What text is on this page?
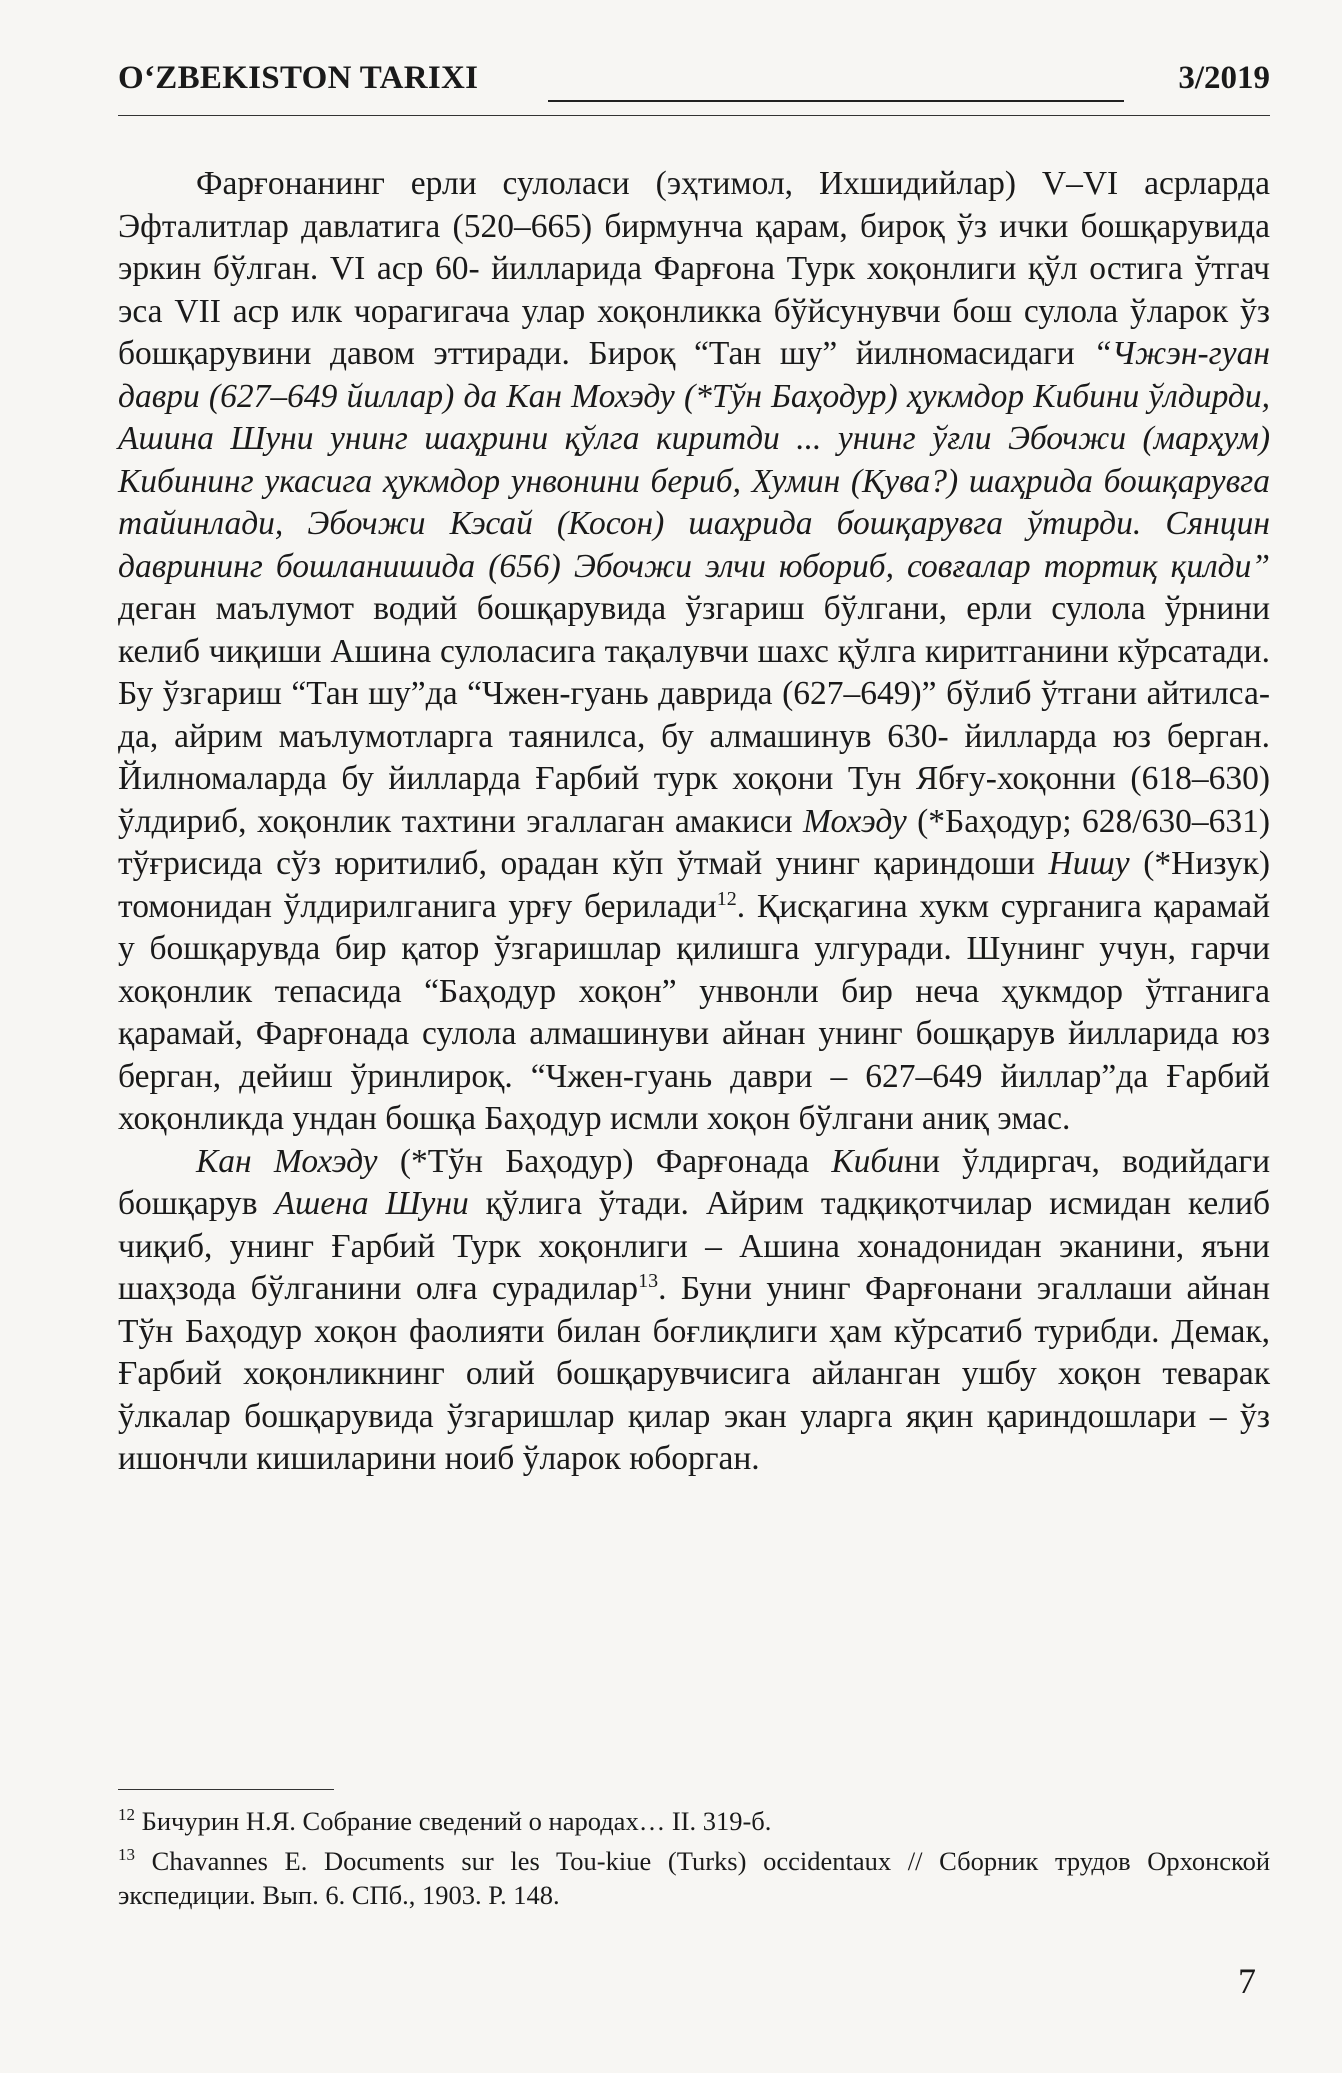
O‘ZBEKISTON TARIXI	3/2019

Фарғонанинг ерли сулоласи (эҳтимол, Ихшидийлар) V–VI асрларда Эфталитлар давлатига (520–665) бирмунча қарам, бироқ ўз ички бошқарувида эркин бўлган. VI аср 60- йилларида Фарғона Турк хоқонлиги қўл остига ўтгач эса VII аср илк чорагигача улар хоқонликка бўйсунувчи бош сулола ўларок ўз бошқарувини давом эттиради. Бироқ “Тан шу” йилномасидаги “Чжэн-гуан даври (627–649 йиллар) да Кан Мохэду (*Тўн Баҳодур) ҳукмдор Кибини ўлдирди, Ашина Шуни унинг шаҳрини қўлга киритди ... унинг ўғли Эбочжи (марҳум) Кибининг укасига ҳукмдор унвонини бериб, Хумин (Қува?) шаҳрида бошқарувга тайинлади, Эбочжи Кэсай (Косон) шаҳрида бошқарувга ўтирди. Сянцин даврининг бошланишида (656) Эбочжи элчи юбориб, совғалар тортиқ қилди” деган маълумот водий бошқарувида ўзгариш бўлгани, ерли сулола ўрнини келиб чиқиши Ашина сулоласига тақалувчи шахс қўлга киритганини кўрсатади. Бу ўзгариш “Тан шу”да “Чжен-гуань даврида (627–649)” бўлиб ўтгани айтилса-да, айрим маълумотларга таянилса, бу алмашинув 630- йилларда юз берган. Йилномаларда бу йилларда Ғарбий турк хоқони Тун Ябғу-хоқонни (618–630) ўлдириб, хоқонлик тахтини эгаллаган амакиси Мохэду (*Баҳодур; 628/630–631) тўғрисида сўз юритилиб, орадан кўп ўтмай унинг қариндоши Нишу (*Низук) томонидан ўлдирилганига урғу берилади$^{12}$. Қисқагина хукм сурганига қарамай у бошқарувда бир қатор ўзгаришлар қилишга улгуради. Шунинг учун, гарчи хоқонлик тепасида “Баҳодур хоқон” унвонли бир неча ҳукмдор ўтганига қарамай, Фарғонада сулола алмашинуви айнан унинг бошқарув йилларида юз берган, дейиш ўринлироқ. “Чжен-гуань даври – 627–649 йиллар”да Ғарбий хоқонликда ундан бошқа Баҳодур исмли хоқон бўлгани аниқ эмас.

Кан Мохэду (*Тўн Баҳодур) Фарғонада Кибини ўлдиргач, водийдаги бошқарув Ашена Шуни қўлига ўтади. Айрим тадқиқотчилар исмидан келиб чиқиб, унинг Ғарбий Турк хоқонлиги – Ашина хонадонидан эканини, яъни шаҳзода бўлганини олға сурадилар$^{13}$. Буни унинг Фарғонани эгаллаши айнан Тўн Баҳодур хоқон фаолияти билан боғлиқлиги ҳам кўрсатиб турибди. Демак, Ғарбий хоқонликнинг олий бошқарувчисига айланган ушбу хоқон теварак ўлкалар бошқарувида ўзгаришлар қилар экан уларга яқин қариндошлари – ўз ишончли кишиларини ноиб ўларок юборган.

$^{12}$ Бичурин Н.Я. Собрание сведений о народах… II. 319-б.

$^{13}$ Chavannes E. Documents sur les Tou-kiue (Turks) occidentaux // Сборник трудов Орхонской экспедиции. Вып. 6. СПб., 1903. P. 148.

7
